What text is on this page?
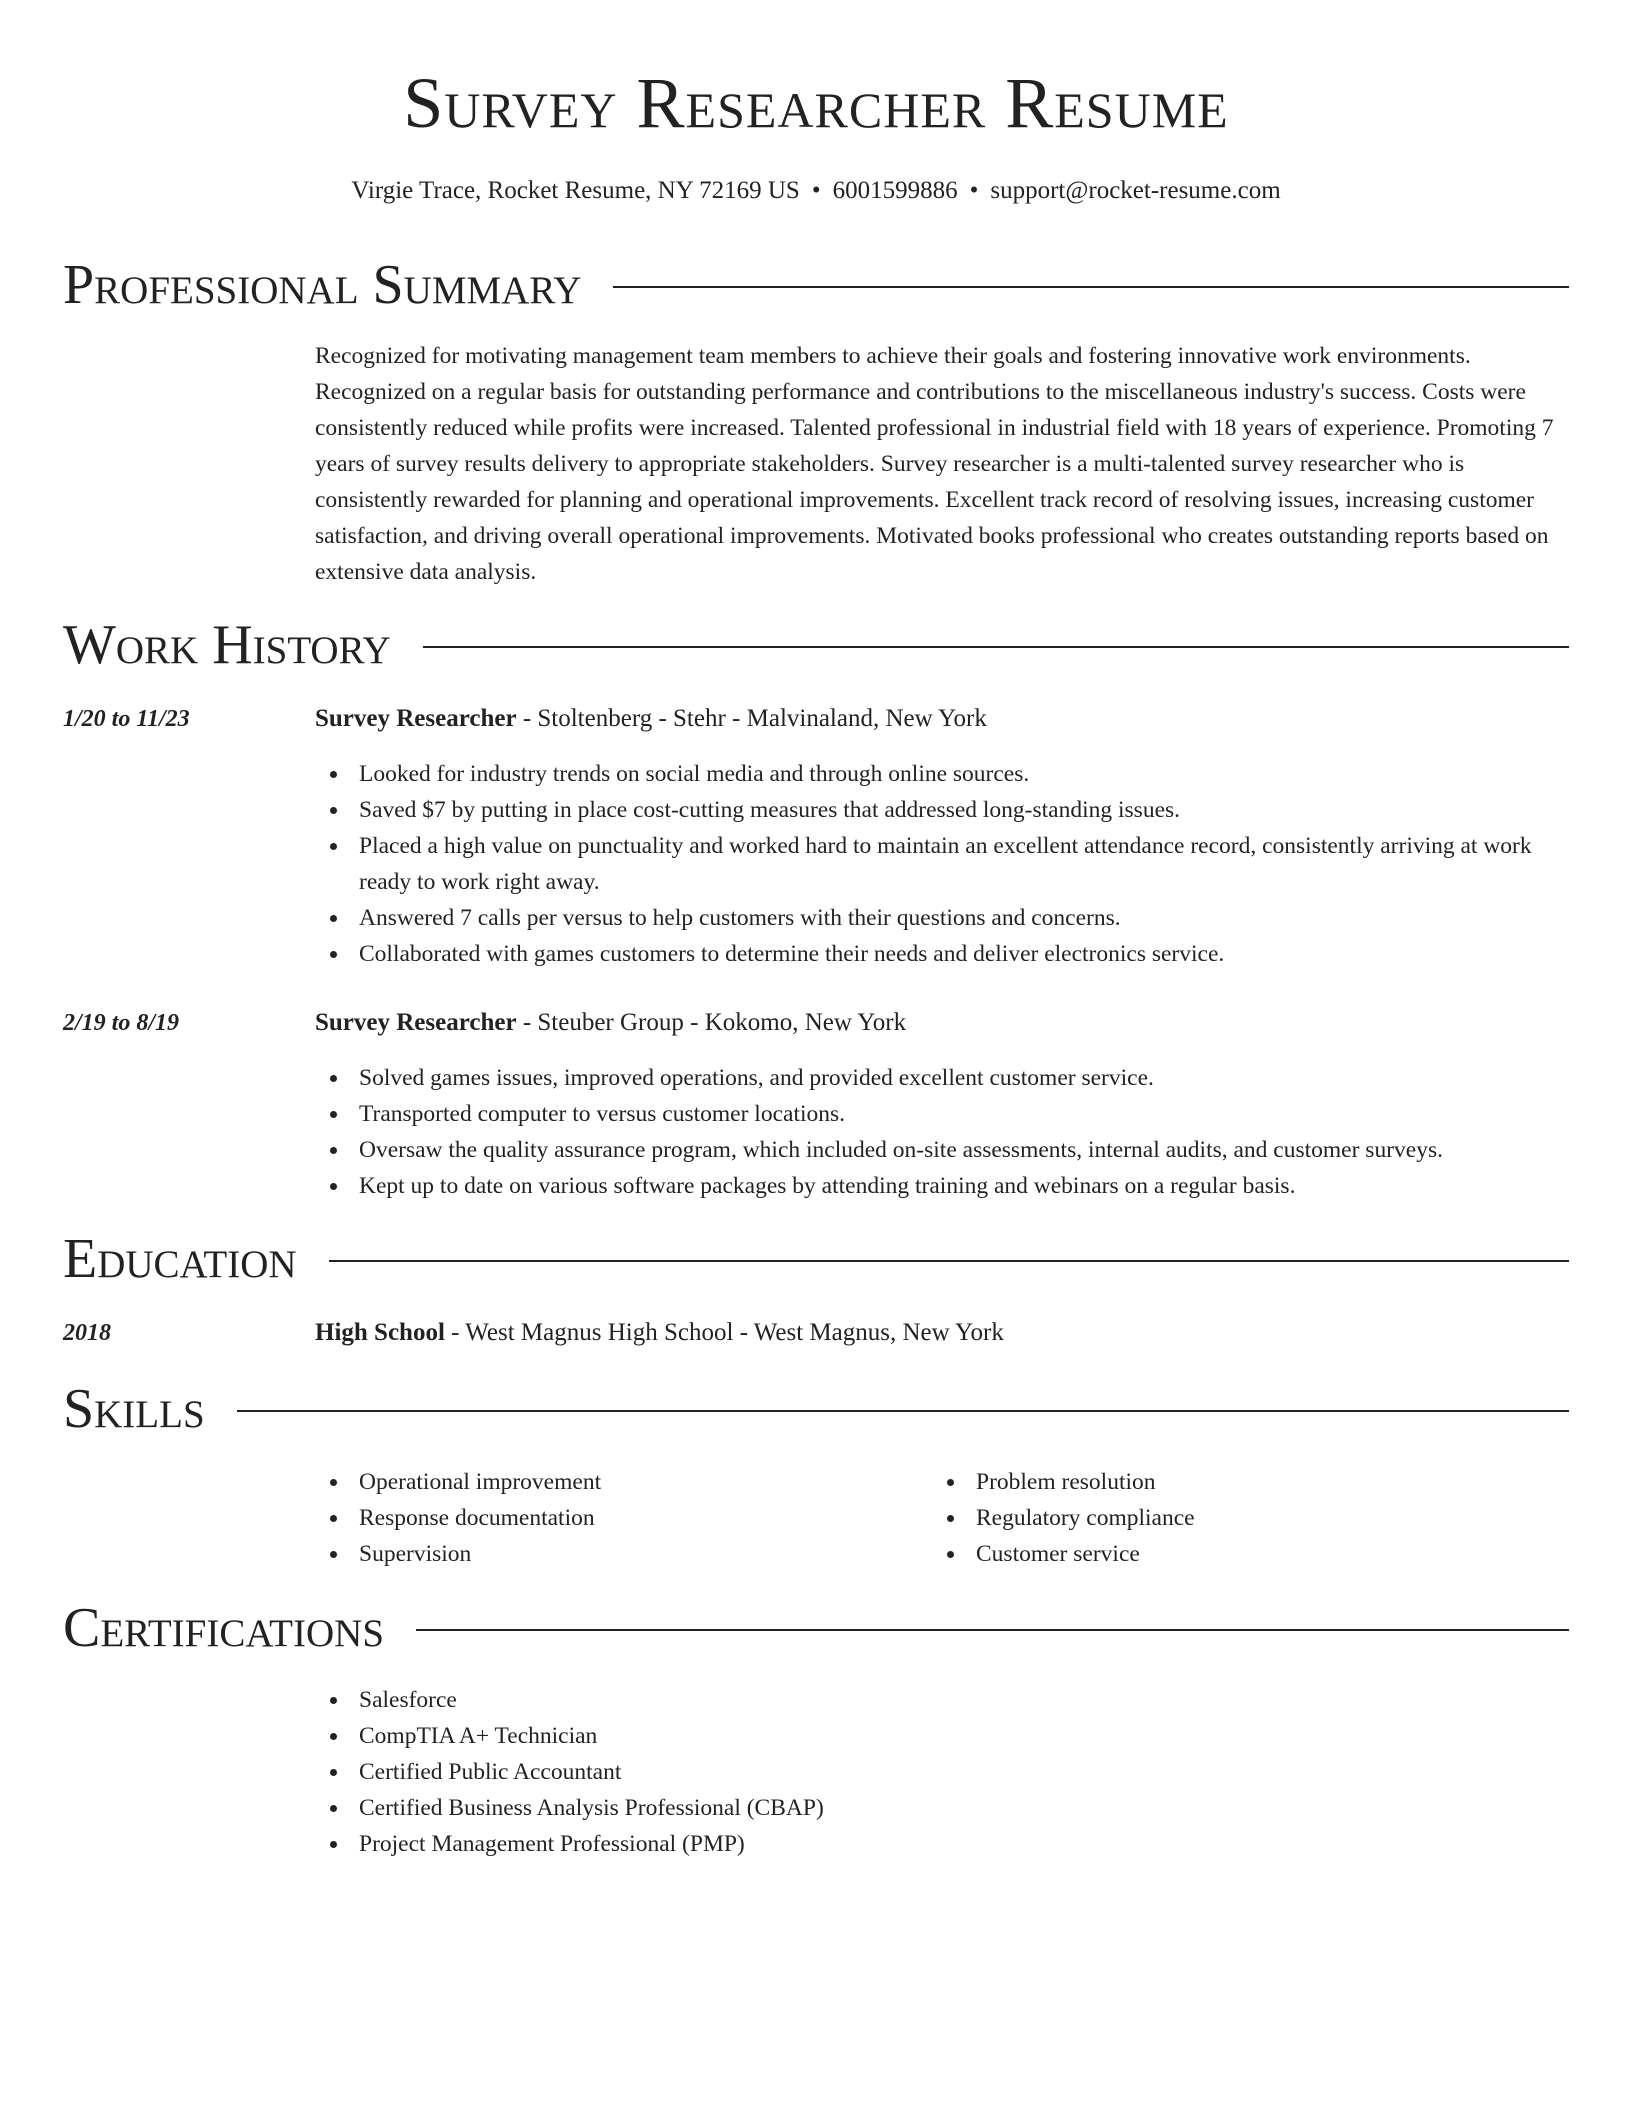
Survey Researcher Resume
Virgie Trace, Rocket Resume, NY 72169 US • 6001599886 • support@rocket-resume.com
Professional Summary

Recognized for motivating management team members to achieve their goals and fostering innovative work environments. Recognized on a regular basis for outstanding performance and contributions to the miscellaneous industry's success. Costs were consistently reduced while profits were increased. Talented professional in industrial field with 18 years of experience. Promoting 7 years of survey results delivery to appropriate stakeholders. Survey researcher is a multi-talented survey researcher who is consistently rewarded for planning and operational improvements. Excellent track record of resolving issues, increasing customer satisfaction, and driving overall operational improvements. Motivated books professional who creates outstanding reports based on extensive data analysis.

Work History
1/20 to 11/23	Survey Researcher - Stoltenberg - Stehr - Malvinaland, New York
Looked for industry trends on social media and through online sources.
Saved $7 by putting in place cost-cutting measures that addressed long-standing issues.
Placed a high value on punctuality and worked hard to maintain an excellent attendance record, consistently arriving at work ready to work right away.
Answered 7 calls per versus to help customers with their questions and concerns.
Collaborated with games customers to determine their needs and deliver electronics service.
2/19 to 8/19	Survey Researcher - Steuber Group - Kokomo, New York
Solved games issues, improved operations, and provided excellent customer service.
Transported computer to versus customer locations.
Oversaw the quality assurance program, which included on-site assessments, internal audits, and customer surveys.
Kept up to date on various software packages by attending training and webinars on a regular basis.
Education
2018	High School - West Magnus High School - West Magnus, New York
Skills
Operational improvement
Response documentation
Supervision
Problem resolution
Regulatory compliance
Customer service
Certifications
Salesforce
CompTIA A+ Technician
Certified Public Accountant
Certified Business Analysis Professional (CBAP)
Project Management Professional (PMP)
